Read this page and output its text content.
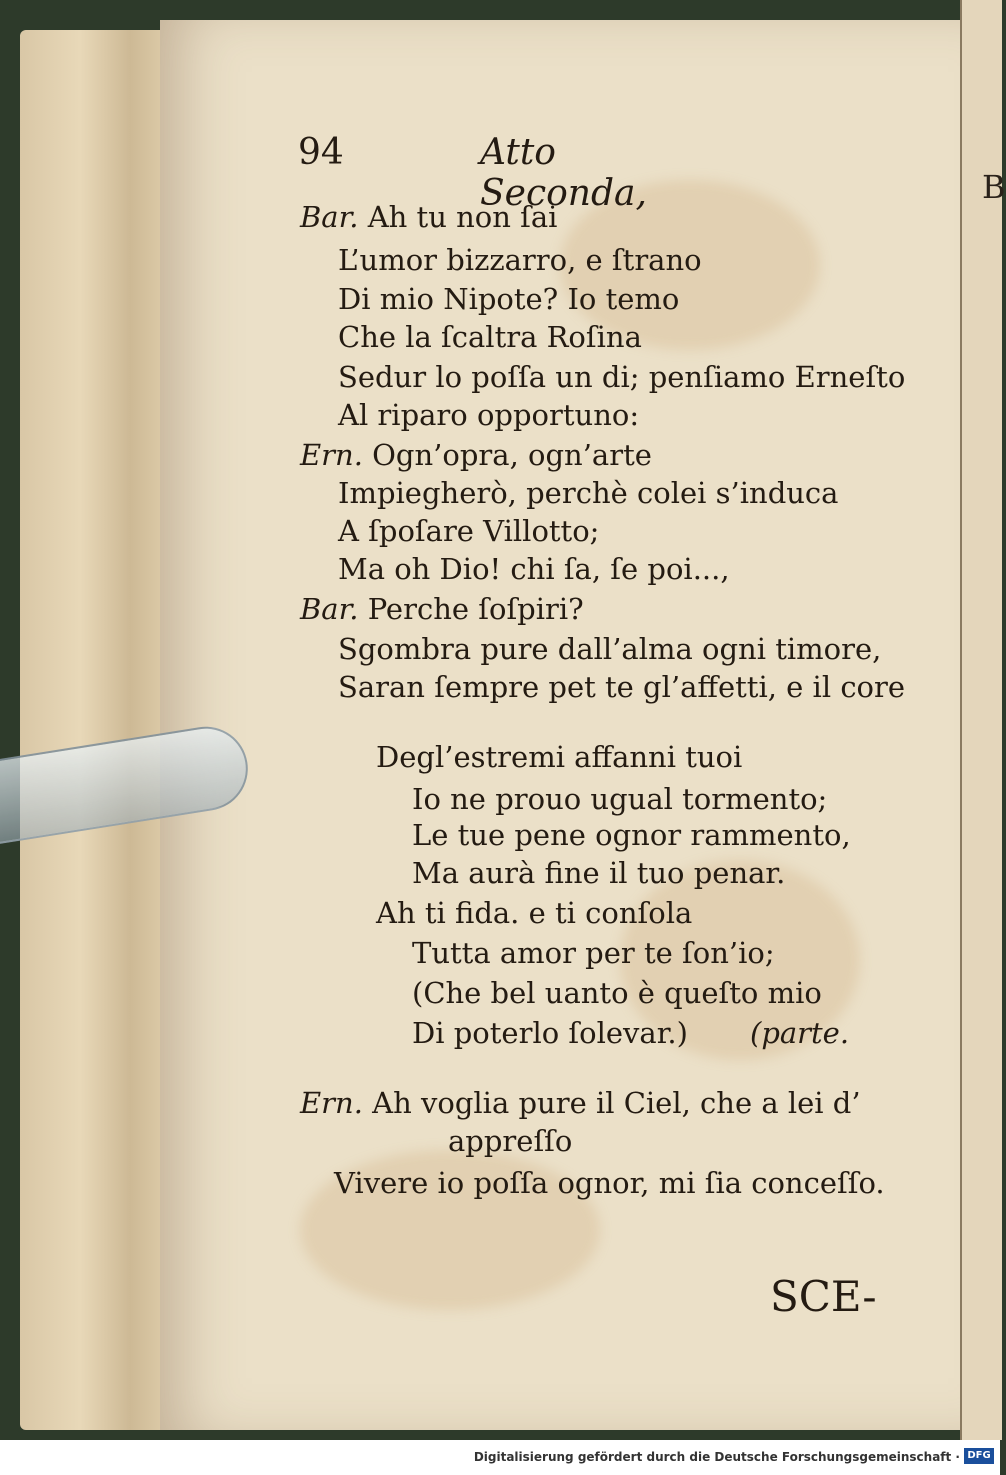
B
94	Atto Seconda,
Bar. Ah tu non ſai
L’umor bizzarro, e ſtrano
Di mio Nipote? Io temo
Che la ſcaltra Roſina
Sedur lo poſſa un di; penſiamo Erneſto
Al riparo opportuno:
Ern. Ogn’opra, ogn’arte
Impiegherò, perchè colei s’induca
A ſpoſare Villotto;
Ma oh Dio! chi ſa, ſe poi...,
Bar. Perche ſoſpiri?
Sgombra pure dall’alma ogni timore,
Saran ſempre pet te gl’affetti, e il core
Degl’estremi affanni tuoi
Io ne prouo ugual tormento;
Le tue pene ognor rammento,
Ma aurà fine il tuo penar.
Ah ti fida. e ti conſola
Tutta amor per te ſon’io;
(Che bel uanto è queſto mio
Di poterlo ſolevar.) (parte.
Ern. Ah voglia pure il Ciel, che a lei d’
appreſſo
Vivere io poſſa ognor, mi ſia conceſſo.
SCE-
Digitalisierung gefördert durch die Deutsche Forschungsgemeinschaft · DFG
